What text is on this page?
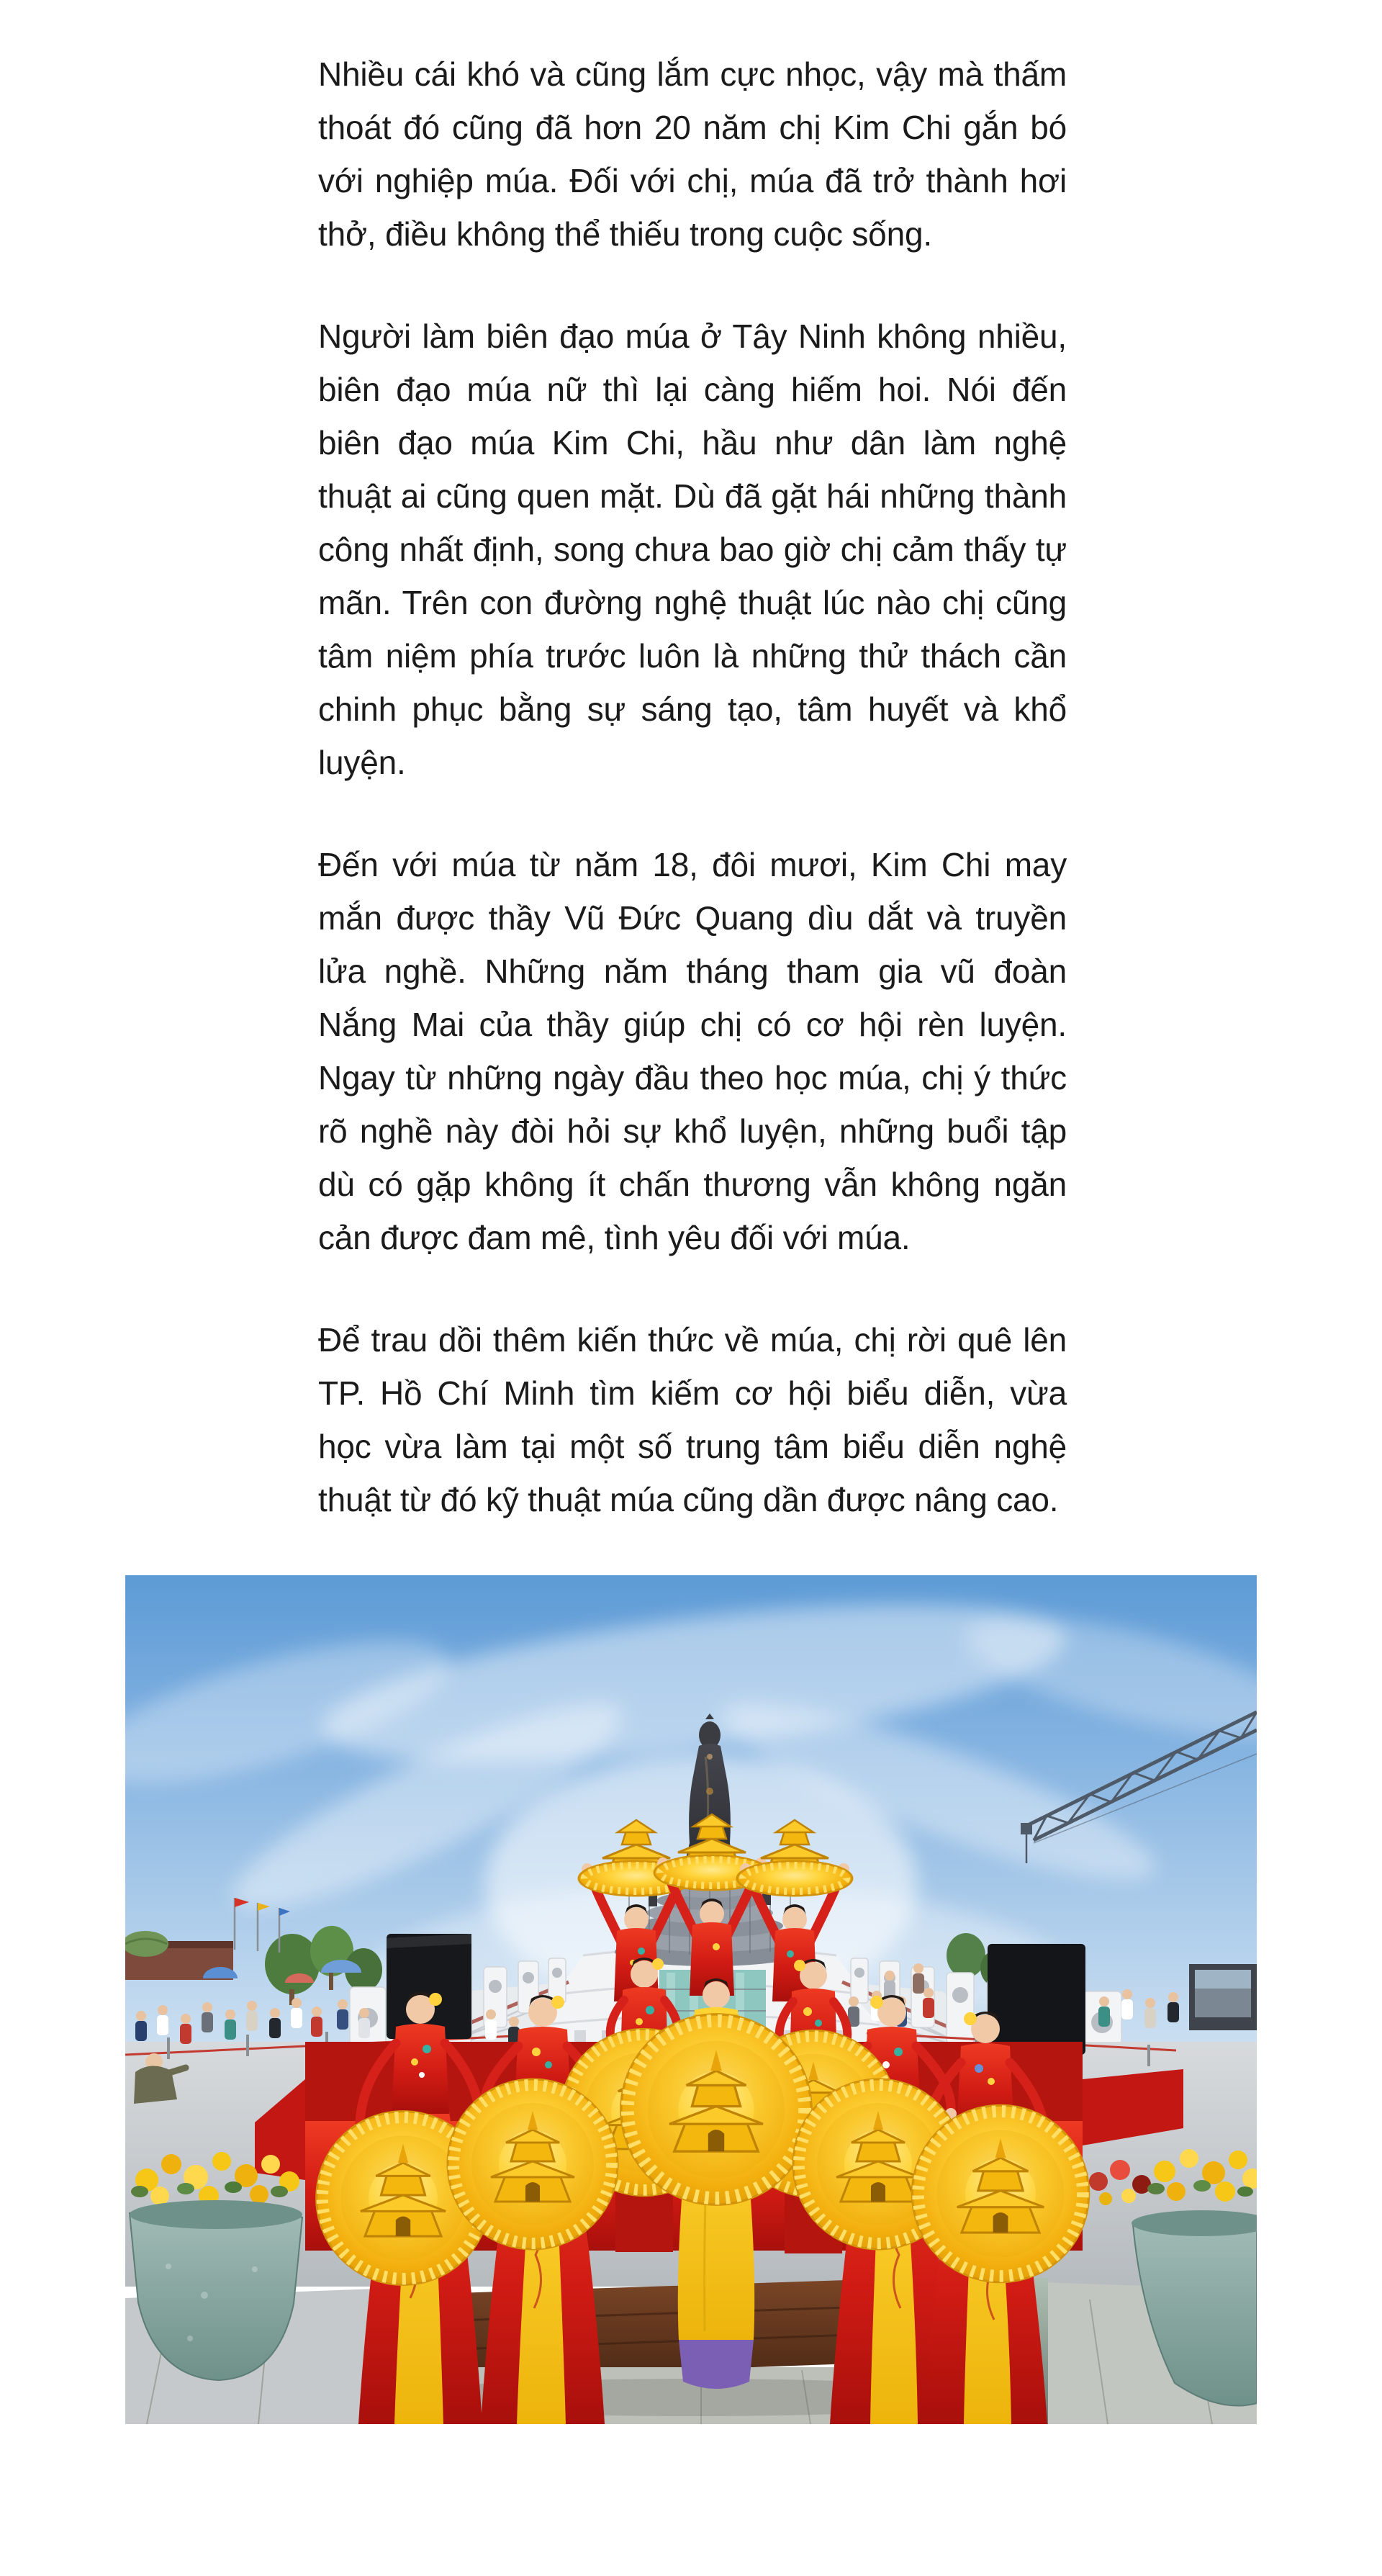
Nhiều cái khó và cũng lắm cực nhọc, vậy mà thấm thoát đó cũng đã hơn 20 năm chị Kim Chi gắn bó với nghiệp múa. Đối với chị, múa đã trở thành hơi thở, điều không thể thiếu trong cuộc sống.

Người làm biên đạo múa ở Tây Ninh không nhiều, biên đạo múa nữ thì lại càng hiếm hoi. Nói đến biên đạo múa Kim Chi, hầu như dân làm nghệ thuật ai cũng quen mặt. Dù đã gặt hái những thành công nhất định, song chưa bao giờ chị cảm thấy tự mãn. Trên con đường nghệ thuật lúc nào chị cũng tâm niệm phía trước luôn là những thử thách cần chinh phục bằng sự sáng tạo, tâm huyết và khổ luyện.

Đến với múa từ năm 18, đôi mươi, Kim Chi may mắn được thầy Vũ Đức Quang dìu dắt và truyền lửa nghề. Những năm tháng tham gia vũ đoàn Nắng Mai của thầy giúp chị có cơ hội rèn luyện. Ngay từ những ngày đầu theo học múa, chị ý thức rõ nghề này đòi hỏi sự khổ luyện, những buổi tập dù có gặp không ít chấn thương vẫn không ngăn cản được đam mê, tình yêu đối với múa.

Để trau dồi thêm kiến thức về múa, chị rời quê lên TP. Hồ Chí Minh tìm kiếm cơ hội biểu diễn, vừa học vừa làm tại một số trung tâm biểu diễn nghệ thuật từ đó kỹ thuật múa cũng dần được nâng cao.
